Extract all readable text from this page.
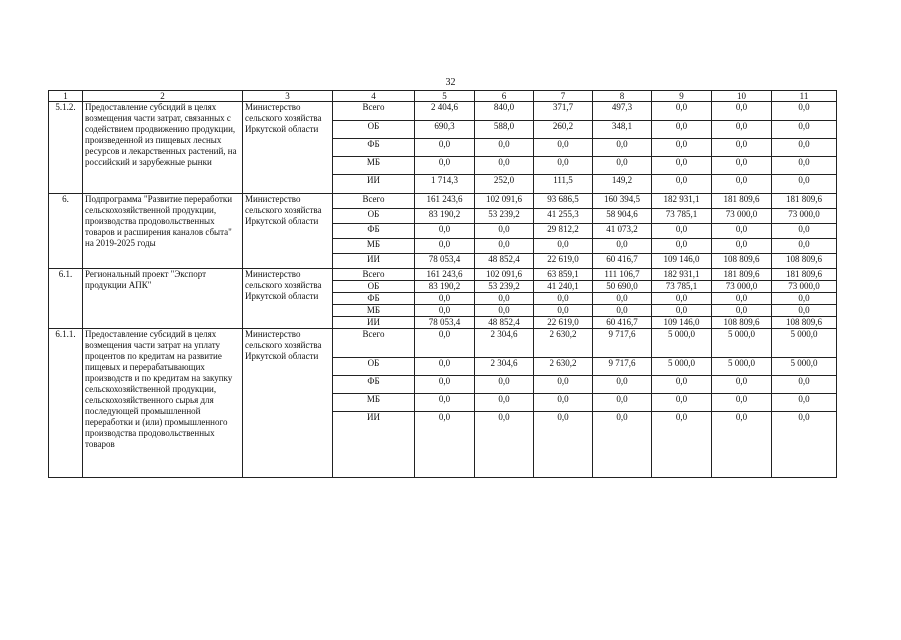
32
1	2	3	4	5	6	7	8	9	10	11
5.1.2.	Предоставление субсидий в целях возмещения части затрат, связанных с содействием продвижению продукции, произведенной из пищевых лесных ресурсов и лекарственных растений, на российский и зарубежные рынки	Министерство сельского хозяйства Иркутской области	Всего	2 404,6	840,0	371,7	497,3	0,0	0,0	0,0
			ОБ	690,3	588,0	260,2	348,1	0,0	0,0	0,0
			ФБ	0,0	0,0	0,0	0,0	0,0	0,0	0,0
			МБ	0,0	0,0	0,0	0,0	0,0	0,0	0,0
			ИИ	1 714,3	252,0	111,5	149,2	0,0	0,0	0,0
6.	Подпрограмма "Развитие переработки сельскохозяйственной продукции, производства продовольственных товаров и расширения каналов сбыта" на 2019-2025 годы	Министерство сельского хозяйства Иркутской области	Всего	161 243,6	102 091,6	93 686,5	160 394,5	182 931,1	181 809,6	181 809,6
			ОБ	83 190,2	53 239,2	41 255,3	58 904,6	73 785,1	73 000,0	73 000,0
			ФБ	0,0	0,0	29 812,2	41 073,2	0,0	0,0	0,0
			МБ	0,0	0,0	0,0	0,0	0,0	0,0	0,0
			ИИ	78 053,4	48 852,4	22 619,0	60 416,7	109 146,0	108 809,6	108 809,6
6.1.	Региональный проект "Экспорт продукции АПК"	Министерство сельского хозяйства Иркутской области	Всего	161 243,6	102 091,6	63 859,1	111 106,7	182 931,1	181 809,6	181 809,6
			ОБ	83 190,2	53 239,2	41 240,1	50 690,0	73 785,1	73 000,0	73 000,0
			ФБ	0,0	0,0	0,0	0,0	0,0	0,0	0,0
			МБ	0,0	0,0	0,0	0,0	0,0	0,0	0,0
			ИИ	78 053,4	48 852,4	22 619,0	60 416,7	109 146,0	108 809,6	108 809,6
6.1.1.	Предоставление субсидий в целях возмещения части затрат на уплату процентов по кредитам на развитие пищевых и перерабатывающих производств и по кредитам на закупку сельскохозяйственной продукции, сельскохозяйственного сырья для последующей промышленной переработки и (или) промышленного производства продовольственных товаров	Министерство сельского хозяйства Иркутской области	Всего	0,0	2 304,6	2 630,2	9 717,6	5 000,0	5 000,0	5 000,0
			ОБ	0,0	2 304,6	2 630,2	9 717,6	5 000,0	5 000,0	5 000,0
			ФБ	0,0	0,0	0,0	0,0	0,0	0,0	0,0
			МБ	0,0	0,0	0,0	0,0	0,0	0,0	0,0
			ИИ	0,0	0,0	0,0	0,0	0,0	0,0	0,0
